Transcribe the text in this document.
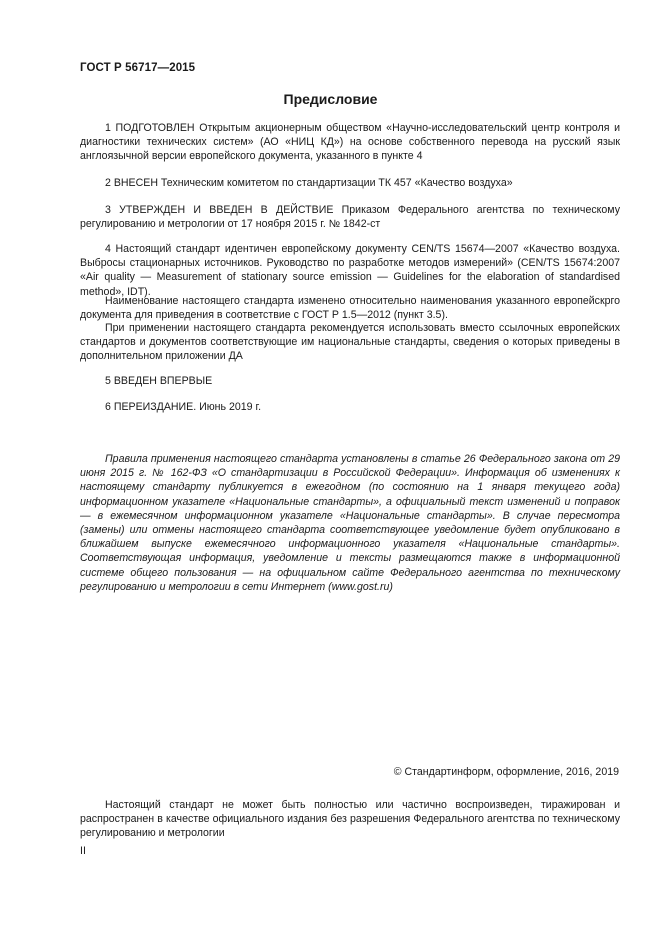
ГОСТ Р 56717—2015
Предисловие

1 ПОДГОТОВЛЕН Открытым акционерным обществом «Научно-исследовательский центр контроля и диагностики технических систем» (АО «НИЦ КД») на основе собственного перевода на русский язык англоязычной версии европейского документа, указанного в пункте 4

2 ВНЕСЕН Техническим комитетом по стандартизации ТК 457 «Качество воздуха»

3 УТВЕРЖДЕН И ВВЕДЕН В ДЕЙСТВИЕ Приказом Федерального агентства по техническому регулированию и метрологии от 17 ноября 2015 г. № 1842-ст

4 Настоящий стандарт идентичен европейскому документу CEN/TS 15674—2007 «Качество воздуха. Выбросы стационарных источников. Руководство по разработке методов измерений» (CEN/TS 15674:2007 «Air quality — Measurement of stationary source emission — Guidelines for the elaboration of standardised method», IDT).

Наименование настоящего стандарта изменено относительно наименования указанного европейскрго документа для приведения в соответствие с ГОСТ Р 1.5—2012 (пункт 3.5).

При применении настоящего стандарта рекомендуется использовать вместо ссылочных европейских стандартов и документов соответствующие им национальные стандарты, сведения о которых приведены в дополнительном приложении ДА

5 ВВЕДЕН ВПЕРВЫЕ

6 ПЕРЕИЗДАНИЕ. Июнь 2019 г.

Правила применения настоящего стандарта установлены в статье 26 Федерального закона от 29 июня 2015 г. № 162-ФЗ «О стандартизации в Российской Федерации». Информация об изменениях к настоящему стандарту публикуется в ежегодном (по состоянию на 1 января текущего года) информационном указателе «Национальные стандарты», а официальный текст изменений и поправок — в ежемесячном информационном указателе «Национальные стандарты». В случае пересмотра (замены) или отмены настоящего стандарта соответствующее уведомление будет опубликовано в ближайшем выпуске ежемесячного информационного указателя «Национальные стандарты». Соответствующая информация, уведомление и тексты размещаются также в информационной системе общего пользования — на официальном сайте Федерального агентства по техническому регулированию и метрологии в сети Интернет (www.gost.ru)

© Стандартинформ, оформление, 2016, 2019

Настоящий стандарт не может быть полностью или частично воспроизведен, тиражирован и распространен в качестве официального издания без разрешения Федерального агентства по техническому регулированию и метрологии

II
